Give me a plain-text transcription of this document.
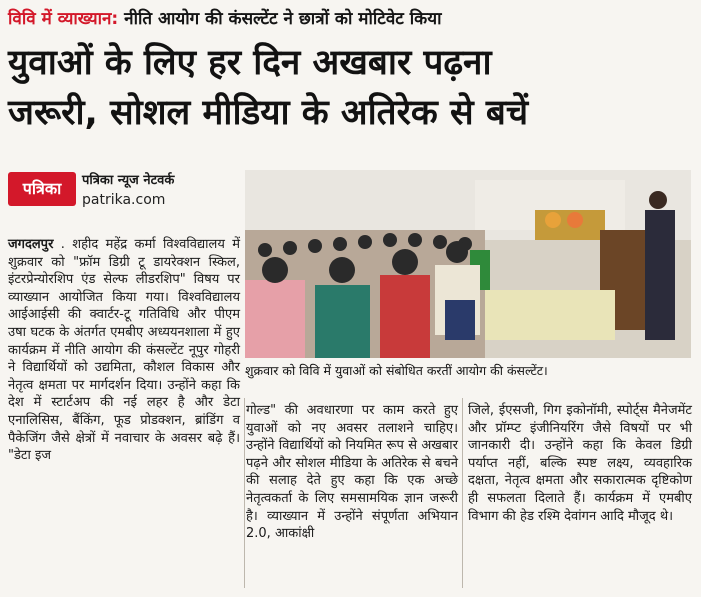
विवि में व्याख्यान: नीति आयोग की कंसल्टेंट ने छात्रों को मोटिवेट किया
युवाओं के लिए हर दिन अखबार पढ़ना
जरूरी, सोशल मीडिया के अतिरेक से बचें
पत्रिका	पत्रिका न्यूज नेटवर्क
patrika.com
शुक्रवार को विवि में युवाओं को संबोधित करतीं आयोग की कंसल्टेंट।

जगदलपुर . शहीद महेंद्र कर्मा विश्वविद्यालय में शुक्रवार को "फ्रॉम डिग्री टू डायरेक्शन स्किल, इंटरप्रेन्योरशिप एंड सेल्फ लीडरशिप" विषय पर व्याख्यान आयोजित किया गया। विश्वविद्यालय आईआईसी की क्वार्टर-टू गतिविधि और पीएम उषा घटक के अंतर्गत एमबीए अध्ययनशाला में हुए कार्यक्रम में नीति आयोग की कंसल्टेंट नूपुर गोहरी ने विद्यार्थियों को उद्यमिता, कौशल विकास और नेतृत्व क्षमता पर मार्गदर्शन दिया। उन्होंने कहा कि देश में स्टार्टअप की नई लहर है और डेटा एनालिसिस, बैंकिंग, फूड प्रोडक्शन, ब्रांडिंग व पैकेजिंग जैसे क्षेत्रों में नवाचार के अवसर बढ़े हैं। "डेटा इज

गोल्ड" की अवधारणा पर काम करते हुए युवाओं को नए अवसर तलाशने चाहिए। उन्होंने विद्यार्थियों को नियमित रूप से अखबार पढ़ने और सोशल मीडिया के अतिरेक से बचने की सलाह देते हुए कहा कि एक अच्छे नेतृत्वकर्ता के लिए समसामयिक ज्ञान जरूरी है। व्याख्यान में उन्होंने संपूर्णता अभियान 2.0, आकांक्षी

जिले, ईएसजी, गिग इकोनॉमी, स्पोर्ट्स मैनेजमेंट और प्रॉम्प्ट इंजीनियरिंग जैसे विषयों पर भी जानकारी दी। उन्होंने कहा कि केवल डिग्री पर्याप्त नहीं, बल्कि स्पष्ट लक्ष्य, व्यवहारिक दक्षता, नेतृत्व क्षमता और सकारात्मक दृष्टिकोण ही सफलता दिलाते हैं। कार्यक्रम में एमबीए विभाग की हेड रश्मि देवांगन आदि मौजूद थे।
